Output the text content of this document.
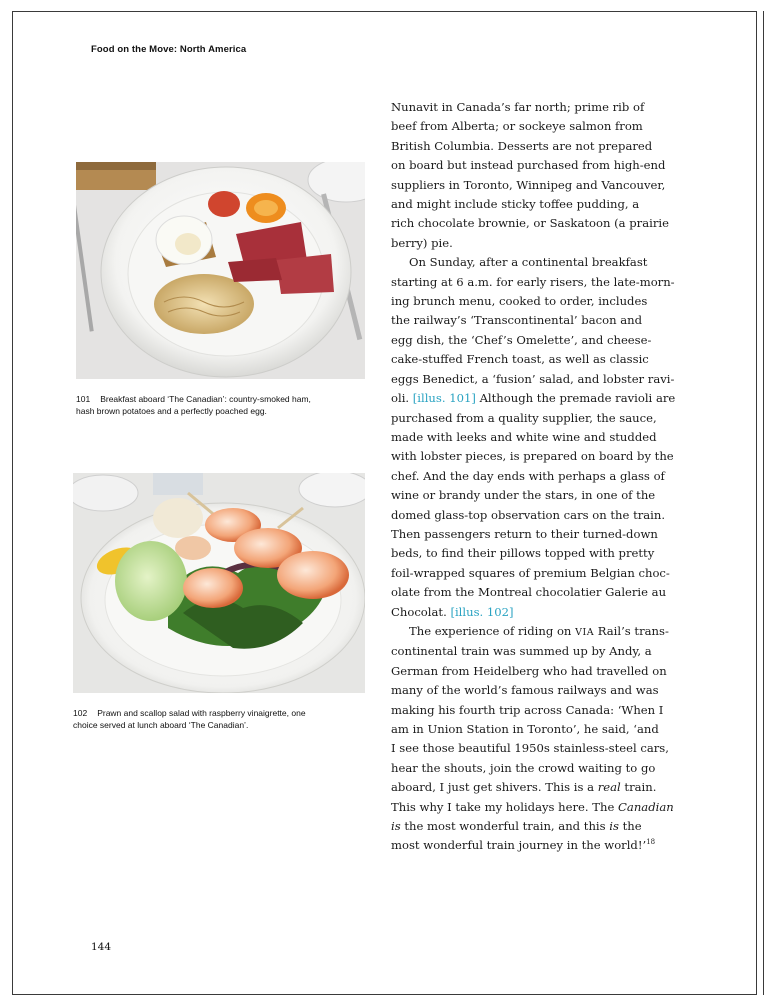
Food on the Move: North America
101 Breakfast aboard ‘The Canadian’: country-smoked ham, hash brown potatoes and a perfectly poached egg.
102 Prawn and scallop salad with raspberry vinaigrette, one choice served at lunch aboard ‘The Canadian’.
Nunavit in Canada’s far north; prime rib of
beef from Alberta; or sockeye salmon from
British Columbia. Desserts are not prepared
on board but instead purchased from high-end
suppliers in Toronto, Winnipeg and Vancouver,
and might include sticky toffee pudding, a
rich chocolate brownie, or Saskatoon (a prairie
berry) pie.
On Sunday, after a continental breakfast
starting at 6 a.m. for early risers, the late-morn-
ing brunch menu, cooked to order, includes
the railway’s ‘Transcontinental’ bacon and
egg dish, the ‘Chef’s Omelette’, and cheese-
cake-stuffed French toast, as well as classic
eggs Benedict, a ‘fusion’ salad, and lobster ravi-
oli. [illus. 101] Although the premade ravioli are
purchased from a quality supplier, the sauce,
made with leeks and white wine and studded
with lobster pieces, is prepared on board by the
chef. And the day ends with perhaps a glass of
wine or brandy under the stars, in one of the
domed glass-top observation cars on the train.
Then passengers return to their turned-down
beds, to find their pillows topped with pretty
foil-wrapped squares of premium Belgian choc-
olate from the Montreal chocolatier Galerie au
Chocolat. [illus. 102]
The experience of riding on VIA Rail’s trans-
continental train was summed up by Andy, a
German from Heidelberg who had travelled on
many of the world’s famous railways and was
making his fourth trip across Canada: ‘When I
am in Union Station in Toronto’, he said, ‘and
I see those beautiful 1950s stainless-steel cars,
hear the shouts, join the crowd waiting to go
aboard, I just get shivers. This is a real train.
This why I take my holidays here. The Canadian
is the most wonderful train, and this is the
most wonderful train journey in the world!’$^{18}$
144
